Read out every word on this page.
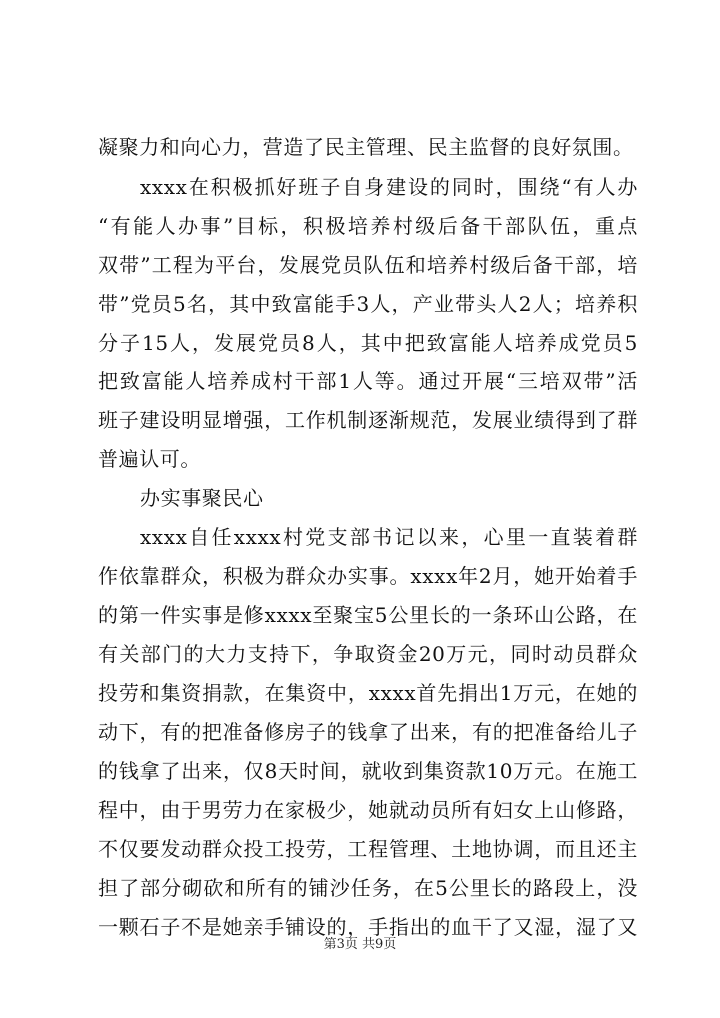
凝聚力和向心力，营造了民主管理、民主监督的良好氛围。
xxxx在积极抓好班子自身建设的同时，围绕“有人办
“有能人办事”目标，积极培养村级后备干部队伍，重点
双带”工程为平台，发展党员队伍和培养村级后备干部，培
带”党员5名，其中致富能手3人，产业带头人2人；培养积
分子15人，发展党员8人，其中把致富能人培养成党员5
把致富能人培养成村干部1人等。通过开展“三培双带”活
班子建设明显增强，工作机制逐渐规范，发展业绩得到了群
普遍认可。
办实事聚民心
xxxx自任xxxx村党支部书记以来，心里一直装着群
作依靠群众，积极为群众办实事。xxxx年2月，她开始着手
的第一件实事是修xxxx至聚宝5公里长的一条环山公路，在
有关部门的大力支持下，争取资金20万元，同时动员群众
投劳和集资捐款，在集资中，xxxx首先捐出1万元，在她的
动下，有的把准备修房子的钱拿了出来，有的把准备给儿子
的钱拿了出来，仅8天时间，就收到集资款10万元。在施工
程中，由于男劳力在家极少，她就动员所有妇女上山修路，
不仅要发动群众投工投劳，工程管理、土地协调，而且还主
担了部分砌砍和所有的铺沙任务，在5公里长的路段上，没
一颗石子不是她亲手铺设的，手指出的血干了又湿，湿了又
第3页 共9页
